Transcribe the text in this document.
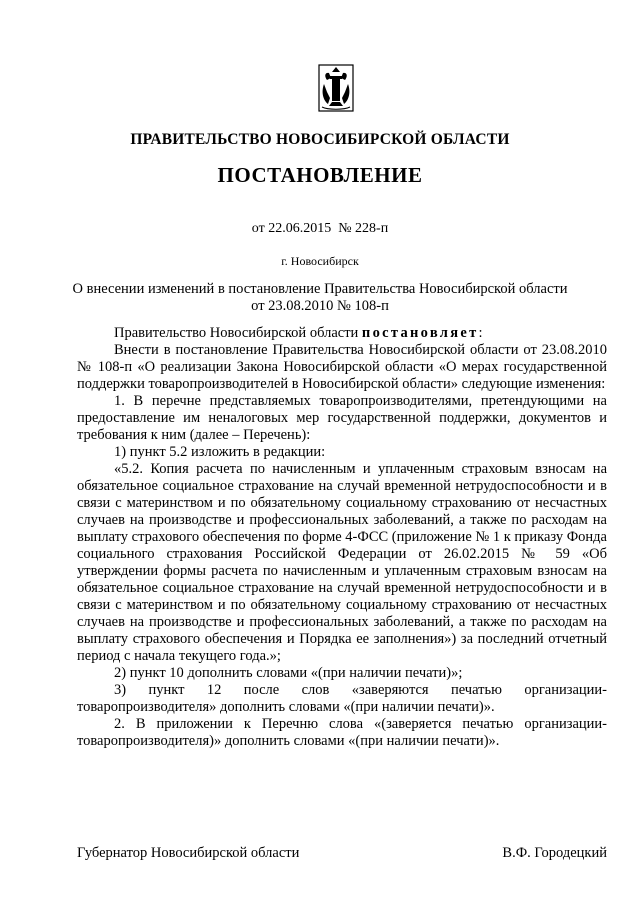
ПРАВИТЕЛЬСТВО НОВОСИБИРСКОЙ ОБЛАСТИ
ПОСТАНОВЛЕНИЕ
от 22.06.2015  № 228-п
г. Новосибирск
О внесении изменений в постановление Правительства Новосибирской области
от 23.08.2010 № 108-п

Правительство Новосибирской области постановляет:

Внести в постановление Правительства Новосибирской области от 23.08.2010 № 108-п «О реализации Закона Новосибирской области «О мерах государственной поддержки товаропроизводителей в Новосибирской области» следующие изменения:

1. В перечне представляемых товаропроизводителями, претендующими на предоставление им неналоговых мер государственной поддержки, документов и требования к ним (далее – Перечень):

1) пункт 5.2 изложить в редакции:

«5.2. Копия расчета по начисленным и уплаченным страховым взносам на обязательное социальное страхование на случай временной нетрудоспособности и в связи с материнством и по обязательному социальному страхованию от несчастных случаев на производстве и профессиональных заболеваний, а также по расходам на выплату страхового обеспечения по форме 4-ФСС (приложение № 1 к приказу Фонда социального страхования Российской Федерации от 26.02.2015 № 59 «Об утверждении формы расчета по начисленным и уплаченным страховым взносам на обязательное социальное страхование на случай временной нетрудоспособности и в связи с материнством и по обязательному социальному страхованию от несчастных случаев на производстве и профессиональных заболеваний, а также по расходам на выплату страхового обеспечения и Порядка ее заполнения») за последний отчетный период с начала текущего года.»;

2) пункт 10 дополнить словами «(при наличии печати)»;

3) пункт 12 после слов «заверяются печатью организации-товаропроизводителя» дополнить словами «(при наличии печати)».

2. В приложении к Перечню слова «(заверяется печатью организации-товаропроизводителя)» дополнить словами «(при наличии печати)».

Губернатор Новосибирской области	В.Ф. Городецкий
